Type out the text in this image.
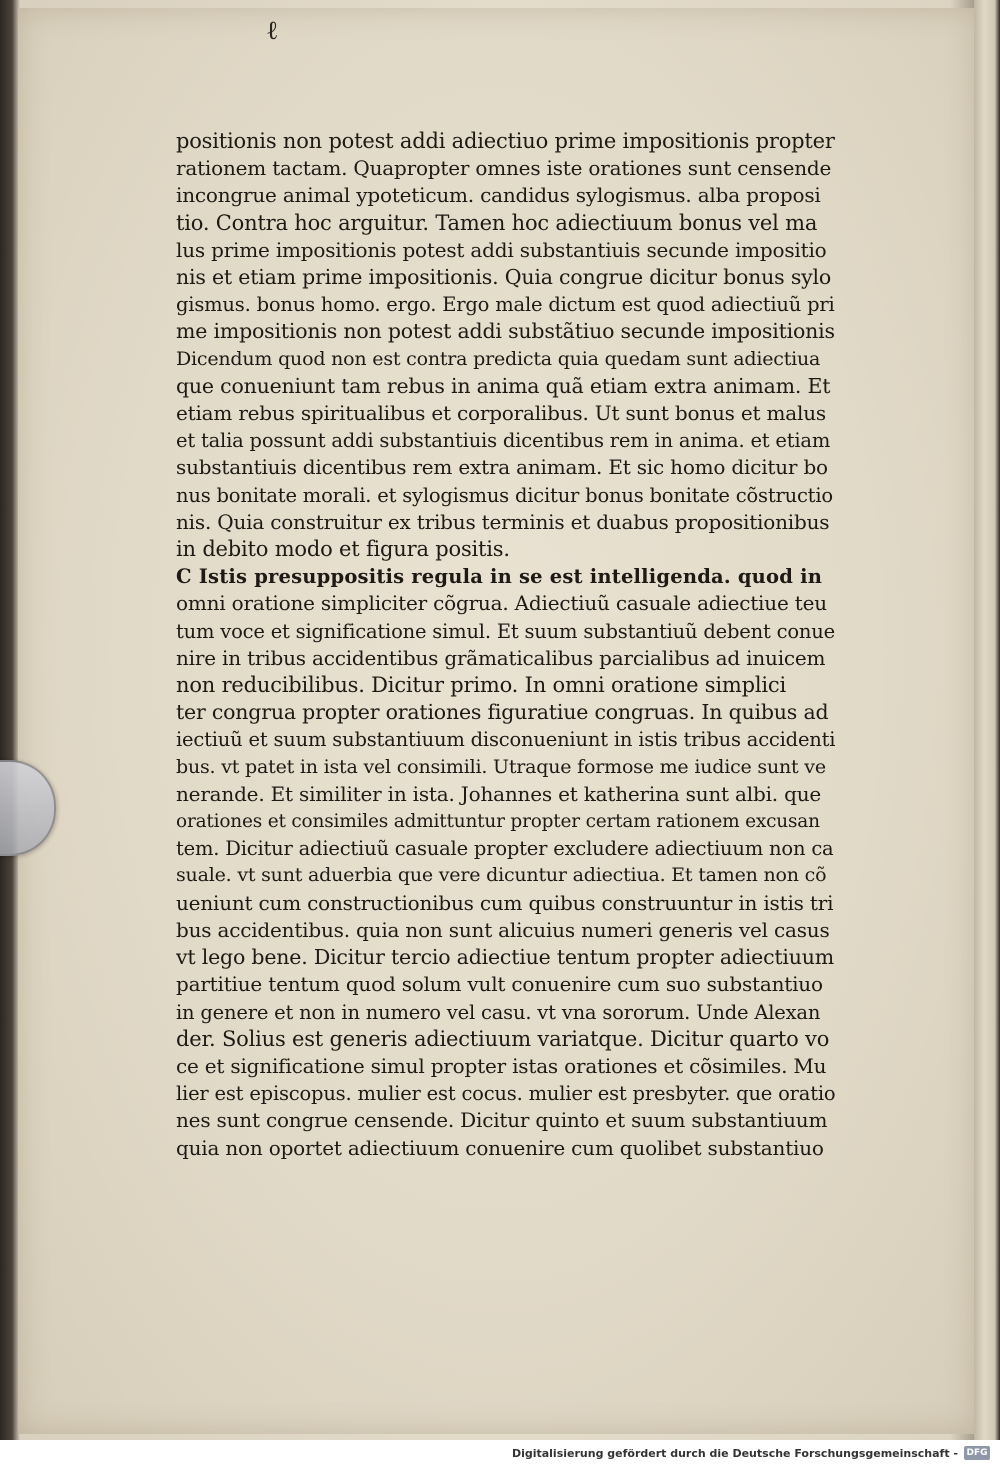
ℓ
positionis non potest addi adiectiuo prime impositionis propter
rationem tactam. Quapropter omnes iste orationes sunt censende
incongrue animal ypoteticum. candidus sylogismus. alba proposi
tio. Contra hoc arguitur. Tamen hoc adiectiuum bonus vel ma
lus prime impositionis potest addi substantiuis secunde impositio
nis et etiam prime impositionis. Quia congrue dicitur bonus sylo
gismus. bonus homo. ergo. Ergo male dictum est quod adiectiuũ pri
me impositionis non potest addi substãtiuo secunde impositionis
Dicendum quod non est contra predicta quia quedam sunt adiectiua
que conueniunt tam rebus in anima quã etiam extra animam. Et
etiam rebus spiritualibus et corporalibus. Ut sunt bonus et malus
et talia possunt addi substantiuis dicentibus rem in anima. et etiam
substantiuis dicentibus rem extra animam. Et sic homo dicitur bo
nus bonitate morali. et sylogismus dicitur bonus bonitate cõstructio
nis. Quia construitur ex tribus terminis et duabus propositionibus
in debito modo et figura positis.
C Istis presuppositis regula in se est intelligenda. quod in
omni oratione simpliciter cõgrua. Adiectiuũ casuale adiectiue teu
tum voce et significatione simul. Et suum substantiuũ debent conue
nire in tribus accidentibus grãmaticalibus parcialibus ad inuicem
non reducibilibus. Dicitur primo. In omni oratione simplici
ter congrua propter orationes figuratiue congruas. In quibus ad
iectiuũ et suum substantiuum disconueniunt in istis tribus accidenti
bus. vt patet in ista vel consimili. Utraque formose me iudice sunt ve
nerande. Et similiter in ista. Johannes et katherina sunt albi. que
orationes et consimiles admittuntur propter certam rationem excusan
tem. Dicitur adiectiuũ casuale propter excludere adiectiuum non ca
suale. vt sunt aduerbia que vere dicuntur adiectiua. Et tamen non cõ
ueniunt cum constructionibus cum quibus construuntur in istis tri
bus accidentibus. quia non sunt alicuius numeri generis vel casus
vt lego bene. Dicitur tercio adiectiue tentum propter adiectiuum
partitiue tentum quod solum vult conuenire cum suo substantiuo
in genere et non in numero vel casu. vt vna sororum. Unde Alexan
der. Solius est generis adiectiuum variatque. Dicitur quarto vo
ce et significatione simul propter istas orationes et cõsimiles. Mu
lier est episcopus. mulier est cocus. mulier est presbyter. que oratio
nes sunt congrue censende. Dicitur quinto et suum substantiuum
quia non oportet adiectiuum conuenire cum quolibet substantiuo
Digitalisierung gefördert durch die Deutsche Forschungsgemeinschaft - DFG
